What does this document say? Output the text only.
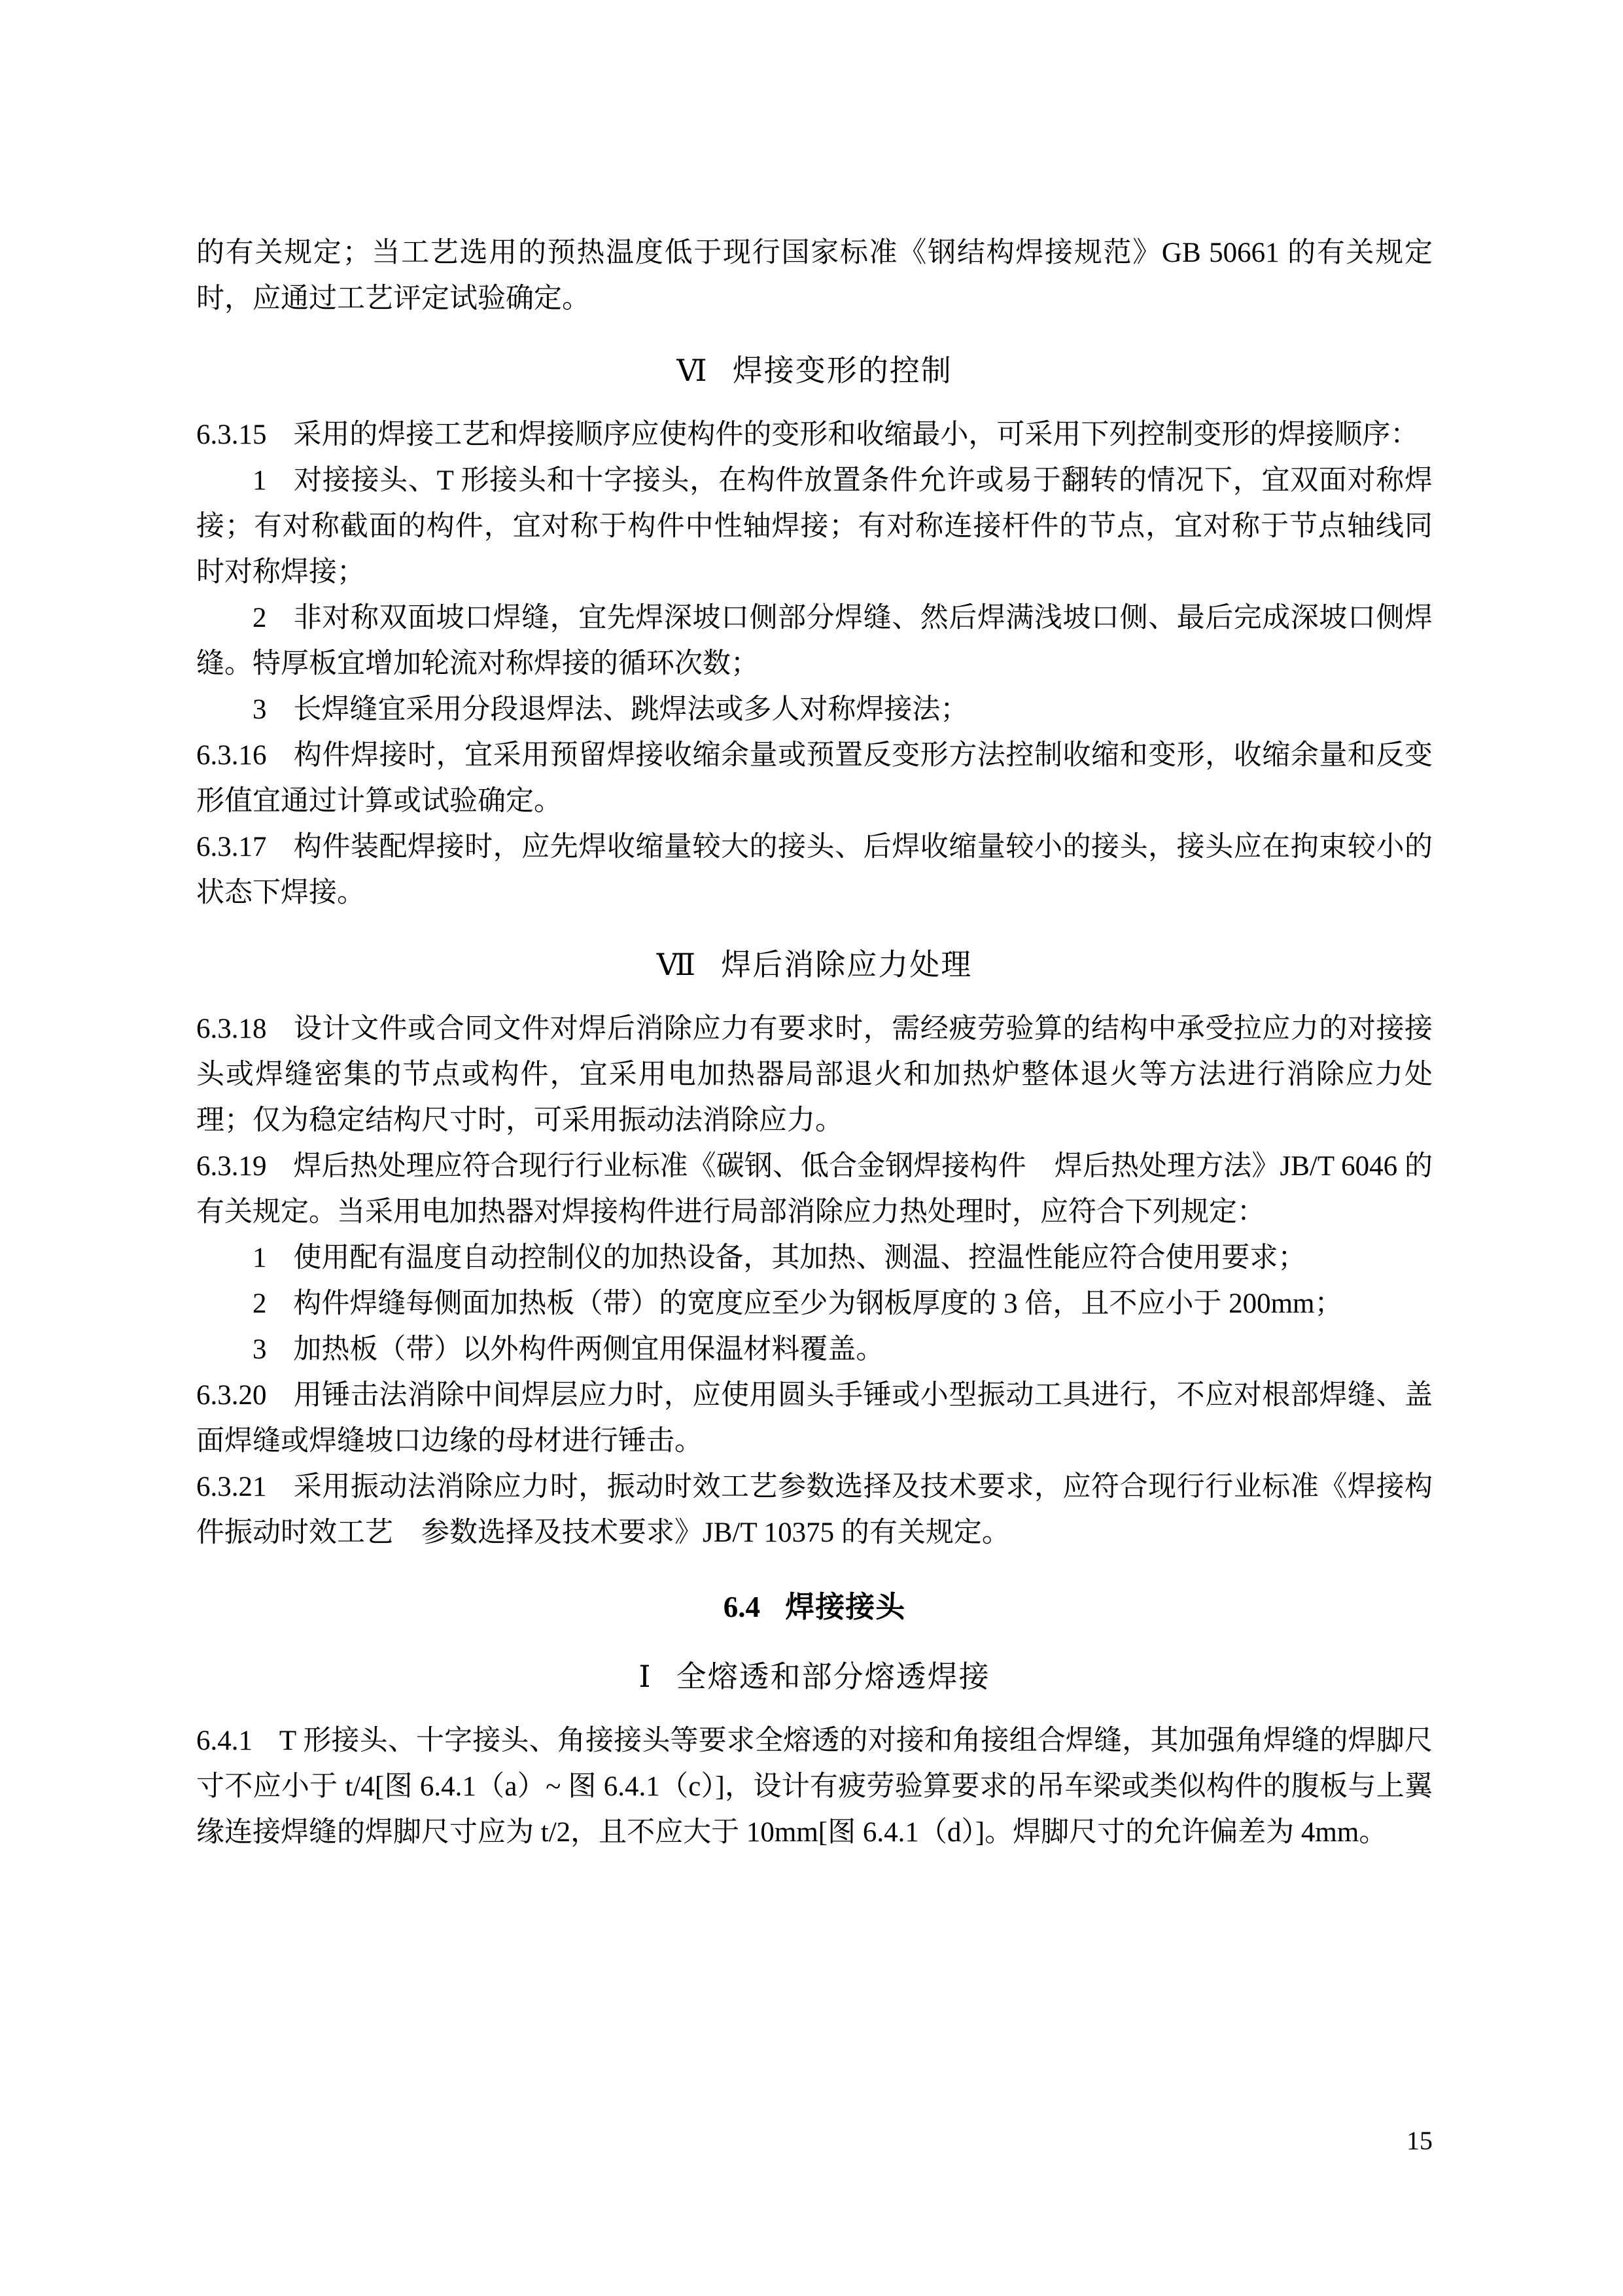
的有关规定；当工艺选用的预热温度低于现行国家标准《钢结构焊接规范》GB 50661 的有关规定时，应通过工艺评定试验确定。
Ⅵ 焊接变形的控制
6.3.15 采用的焊接工艺和焊接顺序应使构件的变形和收缩最小，可采用下列控制变形的焊接顺序：
1 对接接头、T 形接头和十字接头，在构件放置条件允许或易于翻转的情况下，宜双面对称焊接；有对称截面的构件，宜对称于构件中性轴焊接；有对称连接杆件的节点，宜对称于节点轴线同时对称焊接；
2 非对称双面坡口焊缝，宜先焊深坡口侧部分焊缝、然后焊满浅坡口侧、最后完成深坡口侧焊缝。特厚板宜增加轮流对称焊接的循环次数；
3 长焊缝宜采用分段退焊法、跳焊法或多人对称焊接法；
6.3.16 构件焊接时，宜采用预留焊接收缩余量或预置反变形方法控制收缩和变形，收缩余量和反变形值宜通过计算或试验确定。
6.3.17 构件装配焊接时，应先焊收缩量较大的接头、后焊收缩量较小的接头，接头应在拘束较小的状态下焊接。
Ⅶ 焊后消除应力处理
6.3.18 设计文件或合同文件对焊后消除应力有要求时，需经疲劳验算的结构中承受拉应力的对接接头或焊缝密集的节点或构件，宜采用电加热器局部退火和加热炉整体退火等方法进行消除应力处理；仅为稳定结构尺寸时，可采用振动法消除应力。
6.3.19 焊后热处理应符合现行行业标准《碳钢、低合金钢焊接构件　焊后热处理方法》JB/T 6046 的有关规定。当采用电加热器对焊接构件进行局部消除应力热处理时，应符合下列规定：
1 使用配有温度自动控制仪的加热设备，其加热、测温、控温性能应符合使用要求；
2 构件焊缝每侧面加热板（带）的宽度应至少为钢板厚度的 3 倍，且不应小于 200mm；
3 加热板（带）以外构件两侧宜用保温材料覆盖。
6.3.20 用锤击法消除中间焊层应力时，应使用圆头手锤或小型振动工具进行，不应对根部焊缝、盖面焊缝或焊缝坡口边缘的母材进行锤击。
6.3.21 采用振动法消除应力时，振动时效工艺参数选择及技术要求，应符合现行行业标准《焊接构件振动时效工艺　参数选择及技术要求》JB/T 10375 的有关规定。
6.4 焊接接头
Ⅰ 全熔透和部分熔透焊接
6.4.1 T 形接头、十字接头、角接接头等要求全熔透的对接和角接组合焊缝，其加强角焊缝的焊脚尺寸不应小于 t/4[图 6.4.1（a）~ 图 6.4.1（c）]，设计有疲劳验算要求的吊车梁或类似构件的腹板与上翼缘连接焊缝的焊脚尺寸应为 t/2，且不应大于 10mm[图 6.4.1（d）]。焊脚尺寸的允许偏差为 4mm。
15
